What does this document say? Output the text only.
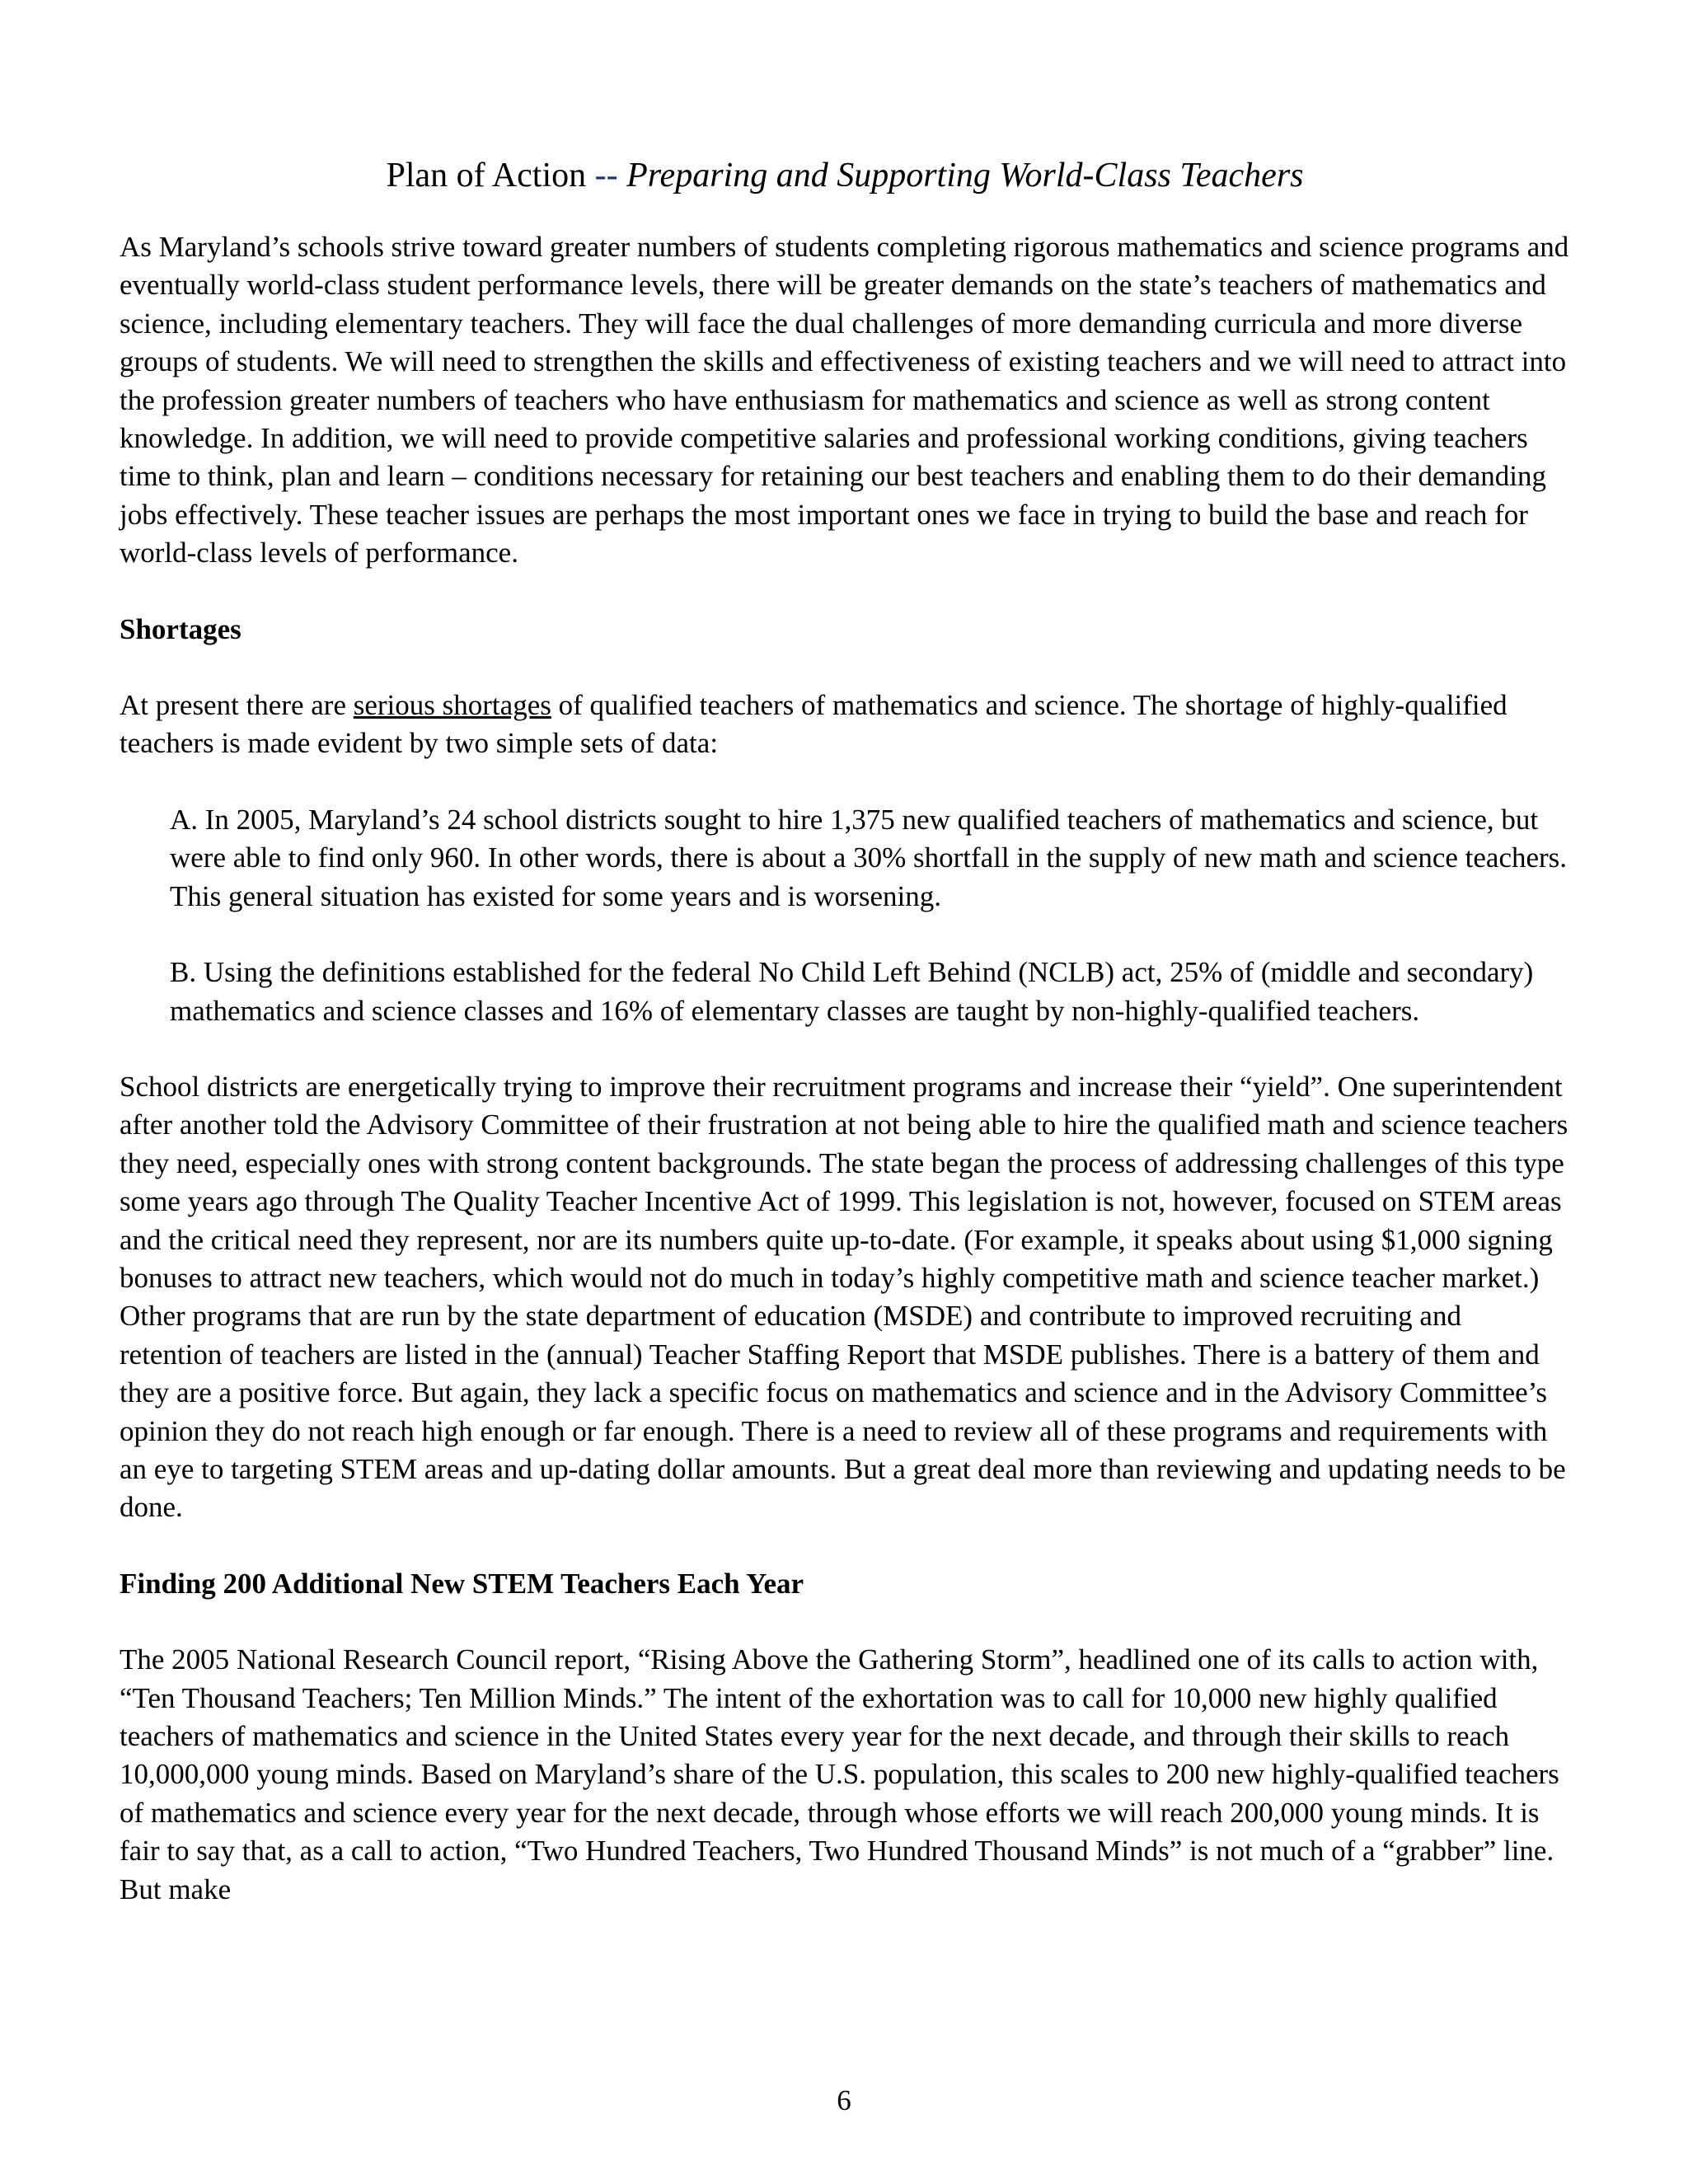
Plan of Action -- Preparing and Supporting World-Class Teachers

As Maryland’s schools strive toward greater numbers of students completing rigorous mathematics and science programs and eventually world-class student performance levels, there will be greater demands on the state’s teachers of mathematics and science, including elementary teachers. They will face the dual challenges of more demanding curricula and more diverse groups of students. We will need to strengthen the skills and effectiveness of existing teachers and we will need to attract into the profession greater numbers of teachers who have enthusiasm for mathematics and science as well as strong content knowledge. In addition, we will need to provide competitive salaries and professional working conditions, giving teachers time to think, plan and learn – conditions necessary for retaining our best teachers and enabling them to do their demanding jobs effectively. These teacher issues are perhaps the most important ones we face in trying to build the base and reach for world-class levels of performance.

Shortages

At present there are serious shortages of qualified teachers of mathematics and science. The shortage of highly-qualified teachers is made evident by two simple sets of data:

A. In 2005, Maryland’s 24 school districts sought to hire 1,375 new qualified teachers of mathematics and science, but were able to find only 960. In other words, there is about a 30% shortfall in the supply of new math and science teachers. This general situation has existed for some years and is worsening.

B. Using the definitions established for the federal No Child Left Behind (NCLB) act, 25% of (middle and secondary) mathematics and science classes and 16% of elementary classes are taught by non-highly-qualified teachers.

School districts are energetically trying to improve their recruitment programs and increase their “yield”. One superintendent after another told the Advisory Committee of their frustration at not being able to hire the qualified math and science teachers they need, especially ones with strong content backgrounds. The state began the process of addressing challenges of this type some years ago through The Quality Teacher Incentive Act of 1999. This legislation is not, however, focused on STEM areas and the critical need they represent, nor are its numbers quite up-to-date. (For example, it speaks about using $1,000 signing bonuses to attract new teachers, which would not do much in today’s highly competitive math and science teacher market.) Other programs that are run by the state department of education (MSDE) and contribute to improved recruiting and retention of teachers are listed in the (annual) Teacher Staffing Report that MSDE publishes. There is a battery of them and they are a positive force. But again, they lack a specific focus on mathematics and science and in the Advisory Committee’s opinion they do not reach high enough or far enough. There is a need to review all of these programs and requirements with an eye to targeting STEM areas and up-dating dollar amounts. But a great deal more than reviewing and updating needs to be done.

Finding 200 Additional New STEM Teachers Each Year

The 2005 National Research Council report, “Rising Above the Gathering Storm”, headlined one of its calls to action with, “Ten Thousand Teachers; Ten Million Minds.” The intent of the exhortation was to call for 10,000 new highly qualified teachers of mathematics and science in the United States every year for the next decade, and through their skills to reach 10,000,000 young minds. Based on Maryland’s share of the U.S. population, this scales to 200 new highly-qualified teachers of mathematics and science every year for the next decade, through whose efforts we will reach 200,000 young minds. It is fair to say that, as a call to action, “Two Hundred Teachers, Two Hundred Thousand Minds” is not much of a “grabber” line. But make

6
